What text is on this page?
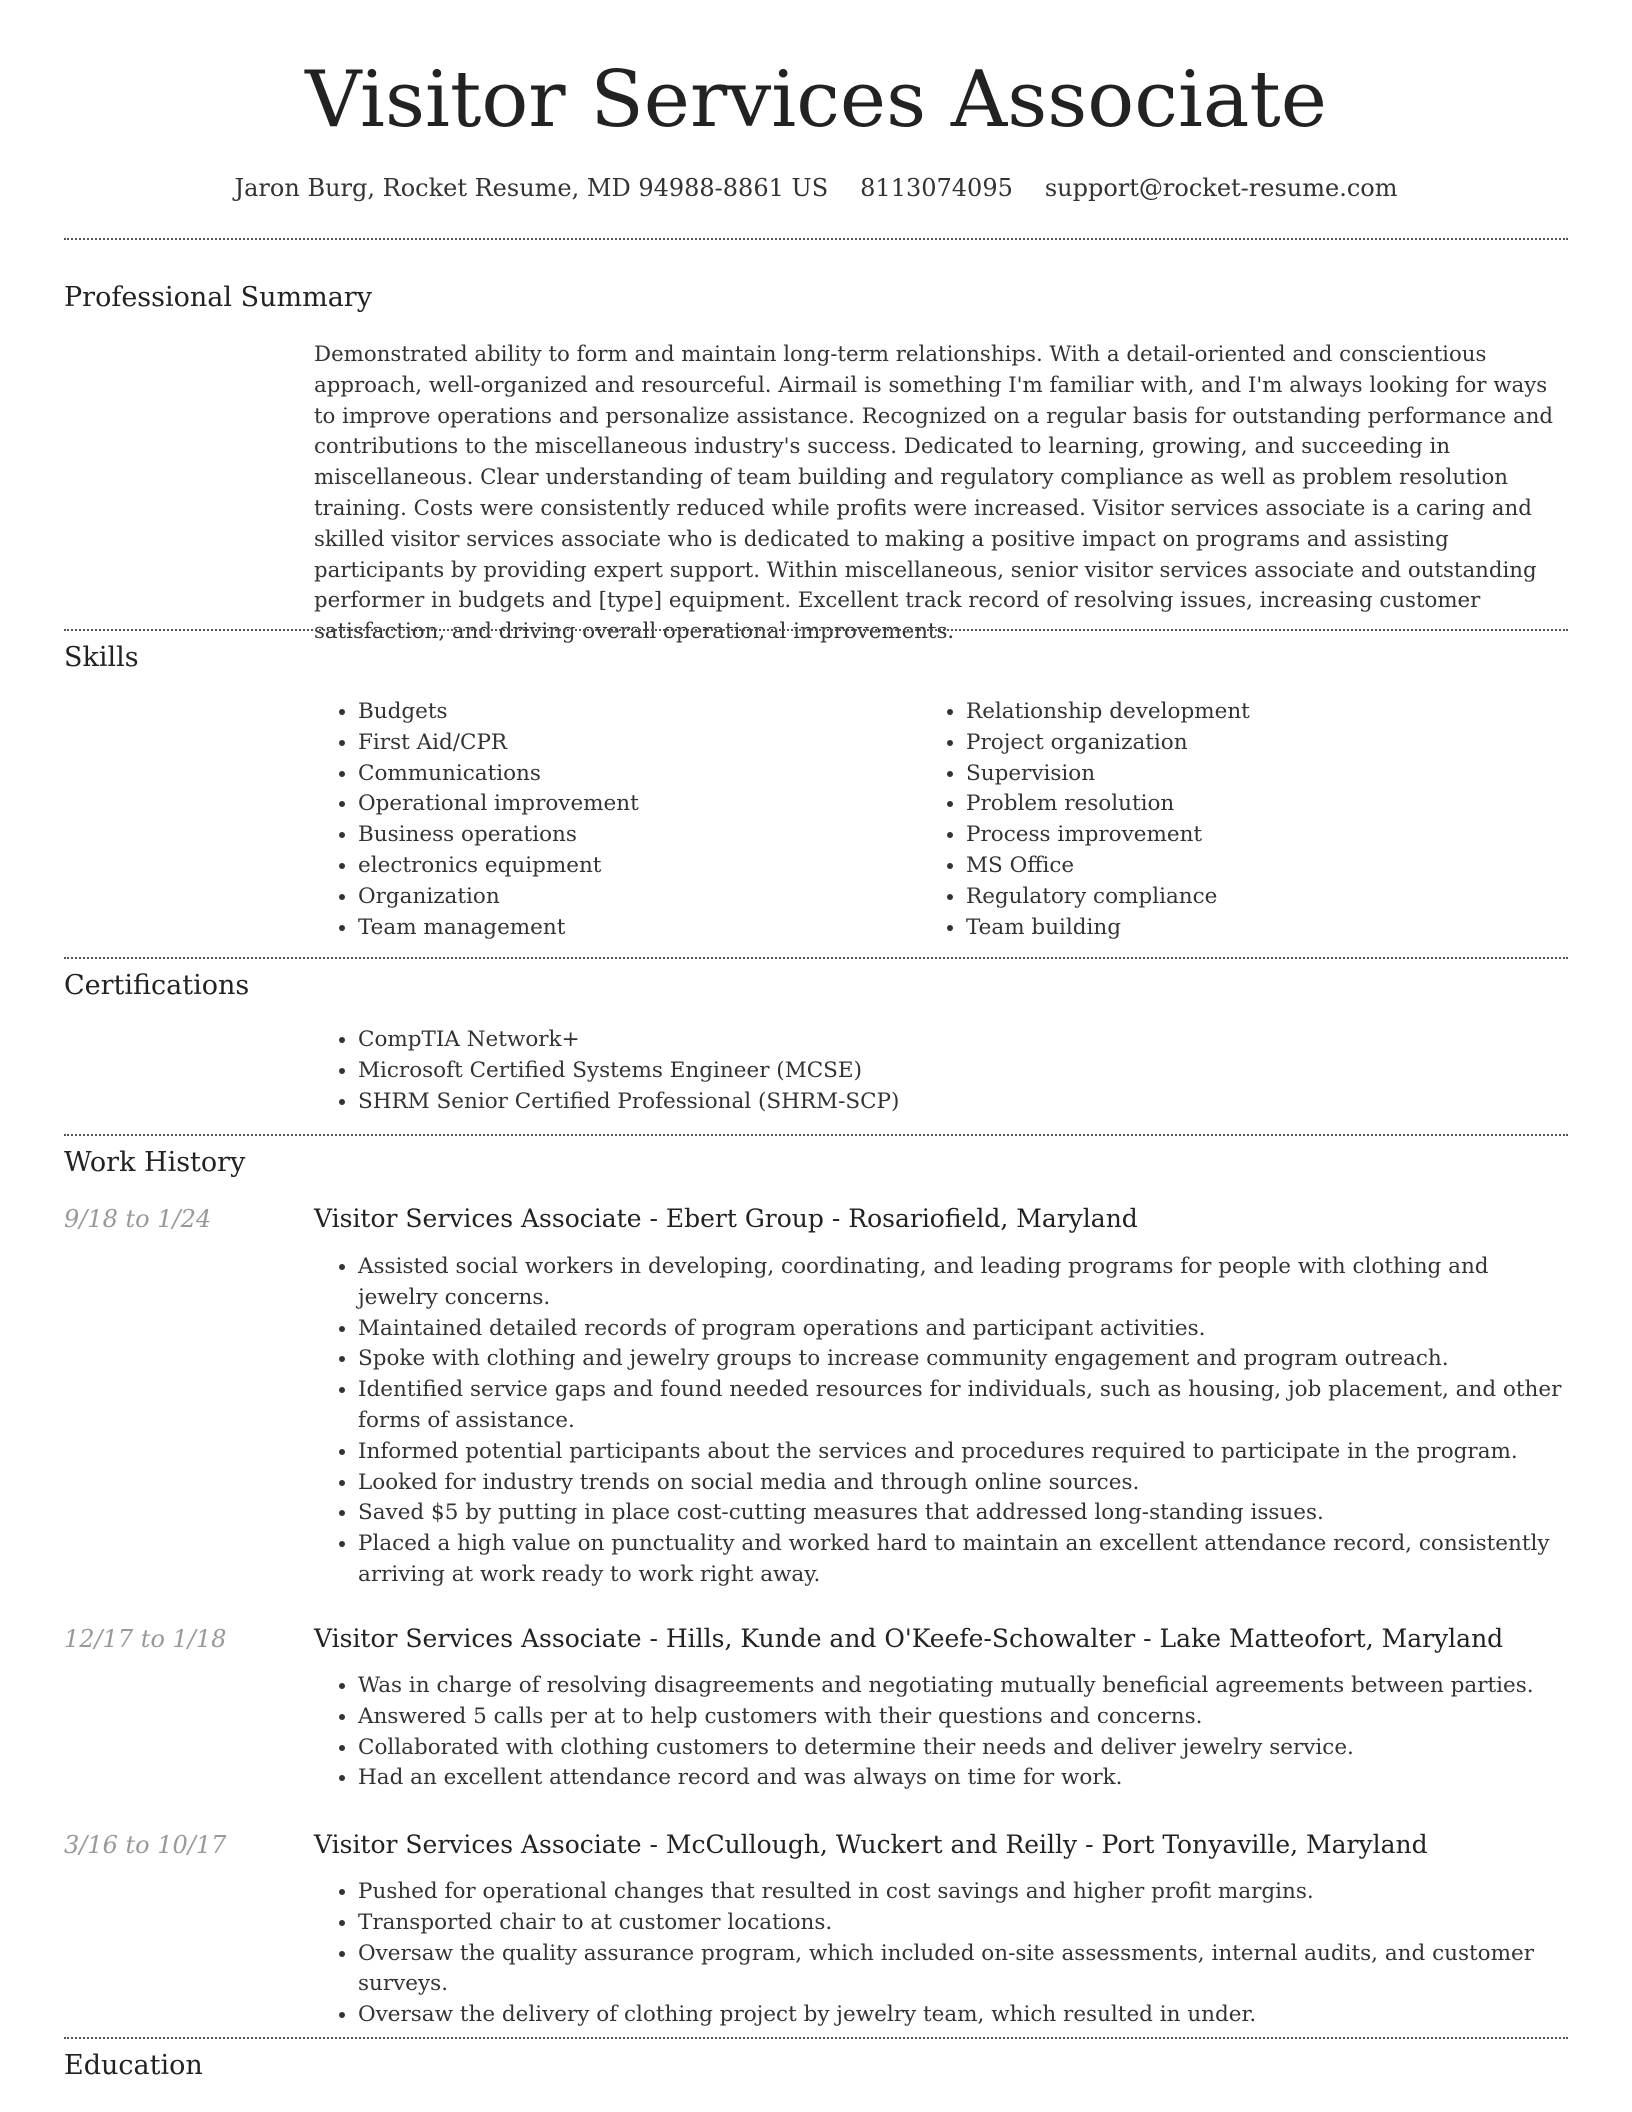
Visitor Services Associate
Jaron Burg, Rocket Resume, MD 94988-8861 US 8113074095 support@rocket-resume.com
Professional Summary

Demonstrated ability to form and maintain long-term relationships. With a detail-oriented and conscientious approach, well-organized and resourceful. Airmail is something I'm familiar with, and I'm always looking for ways to improve operations and personalize assistance. Recognized on a regular basis for outstanding performance and contributions to the miscellaneous industry's success. Dedicated to learning, growing, and succeeding in miscellaneous. Clear understanding of team building and regulatory compliance as well as problem resolution training. Costs were consistently reduced while profits were increased. Visitor services associate is a caring and skilled visitor services associate who is dedicated to making a positive impact on programs and assisting participants by providing expert support. Within miscellaneous, senior visitor services associate and outstanding performer in budgets and [type] equipment. Excellent track record of resolving issues, increasing customer satisfaction, and driving overall operational improvements.

Skills
• Budgets
• First Aid/CPR
• Communications
• Operational improvement
• Business operations
• electronics equipment
• Organization
• Team management
• Relationship development
• Project organization
• Supervision
• Problem resolution
• Process improvement
• MS Office
• Regulatory compliance
• Team building
Certifications
• CompTIA Network+
• Microsoft Certified Systems Engineer (MCSE)
• SHRM Senior Certified Professional (SHRM-SCP)
Work History
9/18 to 1/24	Visitor Services Associate - Ebert Group - Rosariofield, Maryland
• Assisted social workers in developing, coordinating, and leading programs for people with clothing and jewelry concerns.
• Maintained detailed records of program operations and participant activities.
• Spoke with clothing and jewelry groups to increase community engagement and program outreach.
• Identified service gaps and found needed resources for individuals, such as housing, job placement, and other forms of assistance.
• Informed potential participants about the services and procedures required to participate in the program.
• Looked for industry trends on social media and through online sources.
• Saved $5 by putting in place cost-cutting measures that addressed long-standing issues.
• Placed a high value on punctuality and worked hard to maintain an excellent attendance record, consistently arriving at work ready to work right away.
12/17 to 1/18	Visitor Services Associate - Hills, Kunde and O'Keefe-Schowalter - Lake Matteofort, Maryland
• Was in charge of resolving disagreements and negotiating mutually beneficial agreements between parties.
• Answered 5 calls per at to help customers with their questions and concerns.
• Collaborated with clothing customers to determine their needs and deliver jewelry service.
• Had an excellent attendance record and was always on time for work.
3/16 to 10/17	Visitor Services Associate - McCullough, Wuckert and Reilly - Port Tonyaville, Maryland
• Pushed for operational changes that resulted in cost savings and higher profit margins.
• Transported chair to at customer locations.
• Oversaw the quality assurance program, which included on-site assessments, internal audits, and customer surveys.
• Oversaw the delivery of clothing project by jewelry team, which resulted in under.
Education
